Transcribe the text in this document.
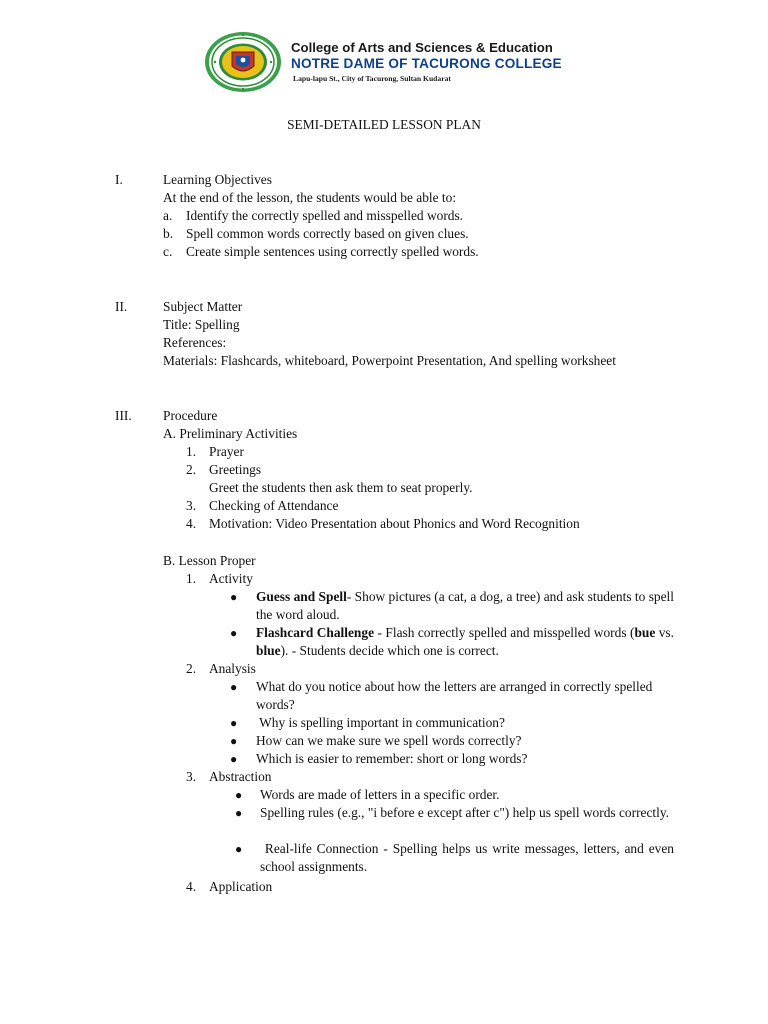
College of Arts and Sciences & Education
NOTRE DAME OF TACURONG COLLEGE
Lapu-lapu St., City of Tacurong, Sultan Kudarat
SEMI-DETAILED LESSON PLAN
I.	Learning Objectives
At the end of the lesson, the students would be able to:
a. Identify the correctly spelled and misspelled words.
b. Spell common words correctly based on given clues.
c. Create simple sentences using correctly spelled words.
II.	Subject Matter
Title: Spelling
References:
Materials: Flashcards, whiteboard, Powerpoint Presentation, And spelling worksheet
III. Procedure
A. Preliminary Activities
1. Prayer
2. Greetings
Greet the students then ask them to seat properly.
3. Checking of Attendance
4. Motivation: Video Presentation about Phonics and Word Recognition
B. Lesson Proper
1. Activity
● Guess and Spell- Show pictures (a cat, a dog, a tree) and ask students to spell the word aloud.
● Flashcard Challenge - Flash correctly spelled and misspelled words (bue vs. blue). - Students decide which one is correct.
2. Analysis
● What do you notice about how the letters are arranged in correctly spelled words?
● Why is spelling important in communication?
● How can we make sure we spell words correctly?
● Which is easier to remember: short or long words?
3. Abstraction
● Words are made of letters in a specific order.
● Spelling rules (e.g., "i before e except after c") help us spell words correctly.
● Real-life Connection - Spelling helps us write messages, letters, and even school assignments.
4. Application
